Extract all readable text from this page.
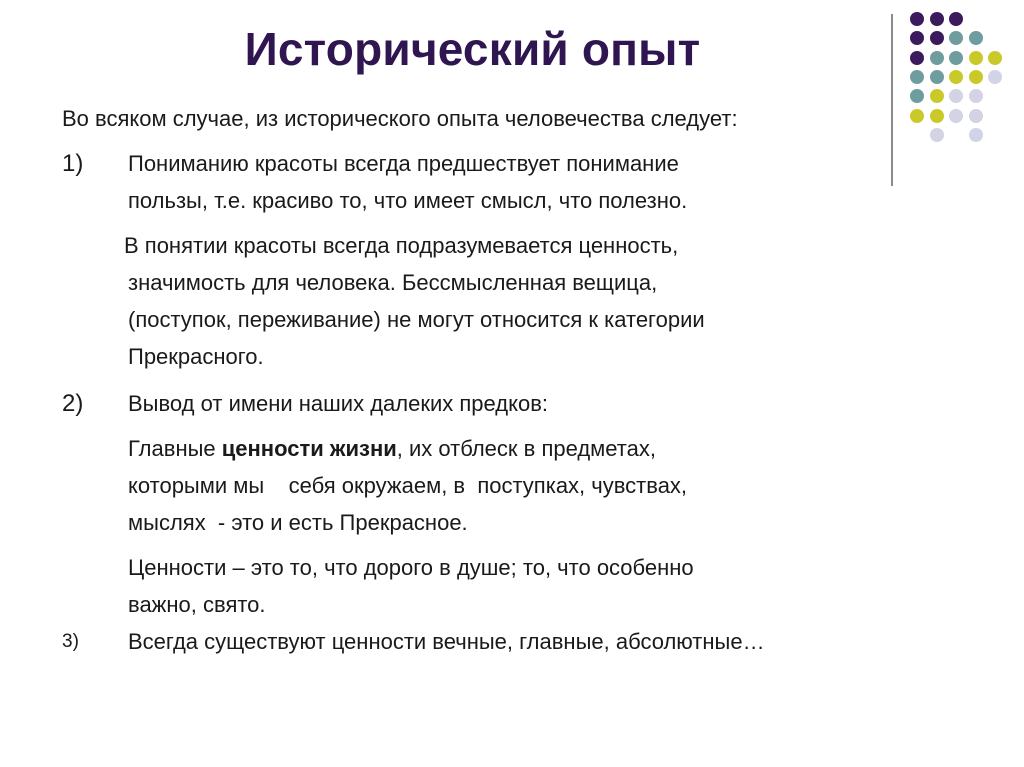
Исторический опыт
Во всяком случае, из исторического опыта человечества следует:
1) Пониманию красоты всегда предшествует понимание
пользы, т.е. красиво то, что имеет смысл, что полезно.
В понятии красоты всегда подразумевается ценность,
значимость для человека. Бессмысленная вещица,
(поступок, переживание) не могут относится к категории
Прекрасного.
2) Вывод от имени наших далеких предков:
Главные ценности жизни, их отблеск в предметах,
которыми мы    себя окружаем, в  поступках, чувствах,
мыслях  - это и есть Прекрасное.
Ценности – это то, что дорого в душе; то, что особенно
важно, свято.
3) Всегда существуют ценности вечные, главные, абсолютные…
